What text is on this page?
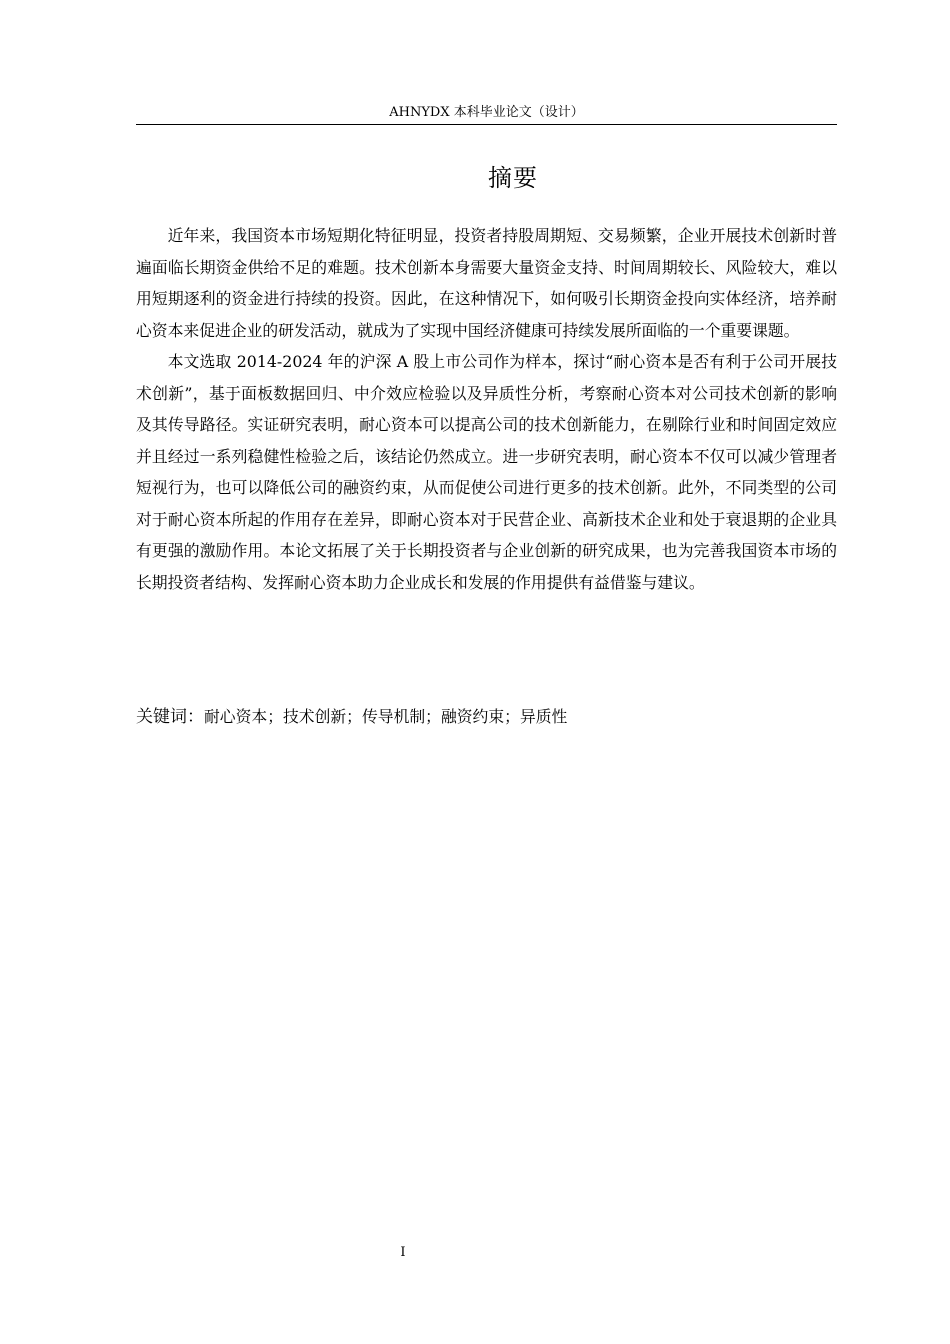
AHNYDX 本科毕业论文（设计）
摘要

近年来，我国资本市场短期化特征明显，投资者持股周期短、交易频繁，企业开展技术创新时普遍面临长期资金供给不足的难题。技术创新本身需要大量资金支持、时间周期较长、风险较大，难以用短期逐利的资金进行持续的投资。因此，在这种情况下，如何吸引长期资金投向实体经济，培养耐心资本来促进企业的研发活动，就成为了实现中国经济健康可持续发展所面临的一个重要课题。

本文选取 2014-2024 年的沪深 A 股上市公司作为样本，探讨“耐心资本是否有利于公司开展技术创新”，基于面板数据回归、中介效应检验以及异质性分析，考察耐心资本对公司技术创新的影响及其传导路径。实证研究表明，耐心资本可以提高公司的技术创新能力，在剔除行业和时间固定效应并且经过一系列稳健性检验之后，该结论仍然成立。进一步研究表明，耐心资本不仅可以减少管理者短视行为，也可以降低公司的融资约束，从而促使公司进行更多的技术创新。此外，不同类型的公司对于耐心资本所起的作用存在差异，即耐心资本对于民营企业、高新技术企业和处于衰退期的企业具有更强的激励作用。本论文拓展了关于长期投资者与企业创新的研究成果，也为完善我国资本市场的长期投资者结构、发挥耐心资本助力企业成长和发展的作用提供有益借鉴与建议。

关键词：耐心资本；技术创新；传导机制；融资约束；异质性
I
